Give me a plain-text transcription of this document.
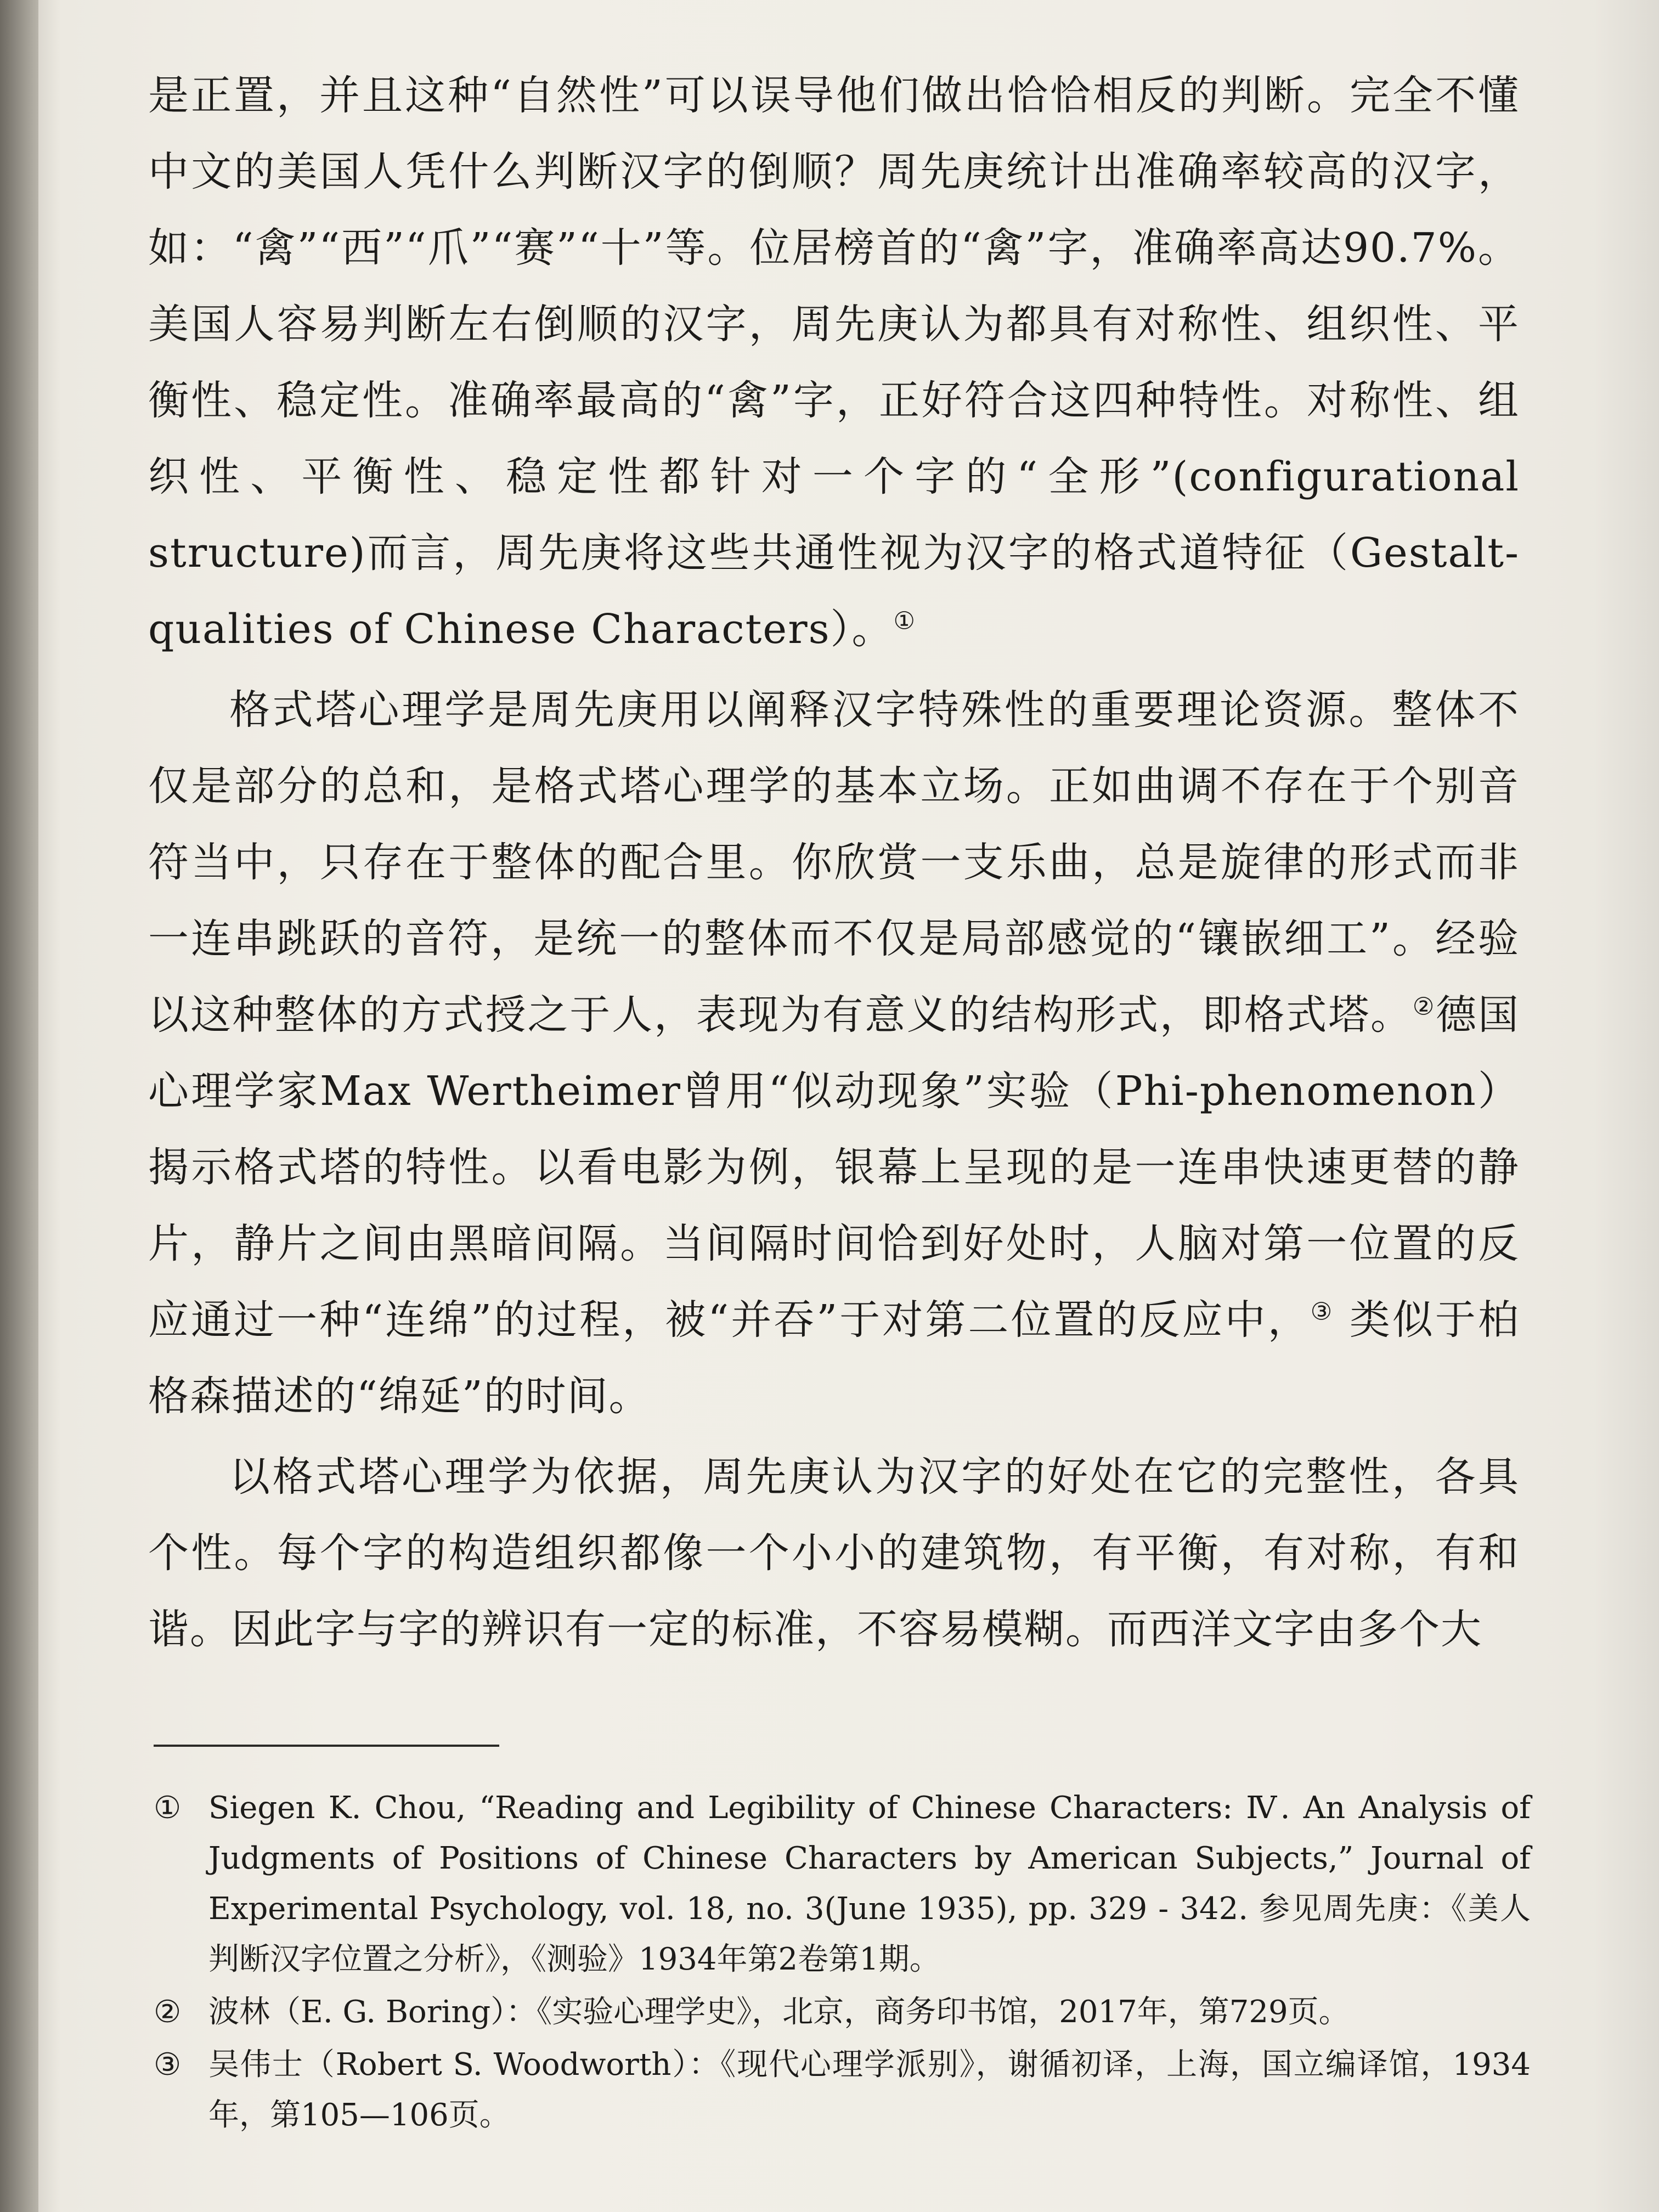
是正置，并且这种“自然性”可以误导他们做出恰恰相反的判断。完全不懂中文的美国人凭什么判断汉字的倒顺？周先庚统计出准确率较高的汉字，如：“禽”“西”“爪”“赛”“十”等。位居榜首的“禽”字，准确率高达90.7%。美国人容易判断左右倒顺的汉字，周先庚认为都具有对称性、组织性、平衡性、稳定性。准确率最高的“禽”字，正好符合这四种特性。对称性、组织性、平衡性、稳定性都针对一个字的“全形”(configurational structure)而言，周先庚将这些共通性视为汉字的格式道特征（Gestalt-qualities of Chinese Characters）。①

格式塔心理学是周先庚用以阐释汉字特殊性的重要理论资源。整体不仅是部分的总和，是格式塔心理学的基本立场。正如曲调不存在于个别音符当中，只存在于整体的配合里。你欣赏一支乐曲，总是旋律的形式而非一连串跳跃的音符，是统一的整体而不仅是局部感觉的“镶嵌细工”。经验以这种整体的方式授之于人，表现为有意义的结构形式，即格式塔。②德国心理学家Max Wertheimer曾用“似动现象”实验（Phi-phenomenon）揭示格式塔的特性。以看电影为例，银幕上呈现的是一连串快速更替的静片，静片之间由黑暗间隔。当间隔时间恰到好处时，人脑对第一位置的反应通过一种“连绵”的过程，被“并吞”于对第二位置的反应中，③ 类似于柏格森描述的“绵延”的时间。

以格式塔心理学为依据，周先庚认为汉字的好处在它的完整性，各具个性。每个字的构造组织都像一个小小的建筑物，有平衡，有对称，有和谐。因此字与字的辨识有一定的标准，不容易模糊。而西洋文字由多个大

① Siegen K. Chou, “Reading and Legibility of Chinese Characters: Ⅳ. An Analysis of Judgments of Positions of Chinese Characters by American Subjects,” Journal of Experimental Psychology, vol. 18, no. 3(June 1935), pp. 329 - 342. 参见周先庚：《美人判断汉字位置之分析》，《测验》1934年第2卷第1期。
② 波林（E. G. Boring）：《实验心理学史》，北京，商务印书馆，2017年，第729页。
③ 吴伟士（Robert S. Woodworth）：《现代心理学派别》，谢循初译，上海，国立编译馆，1934年，第105—106页。
